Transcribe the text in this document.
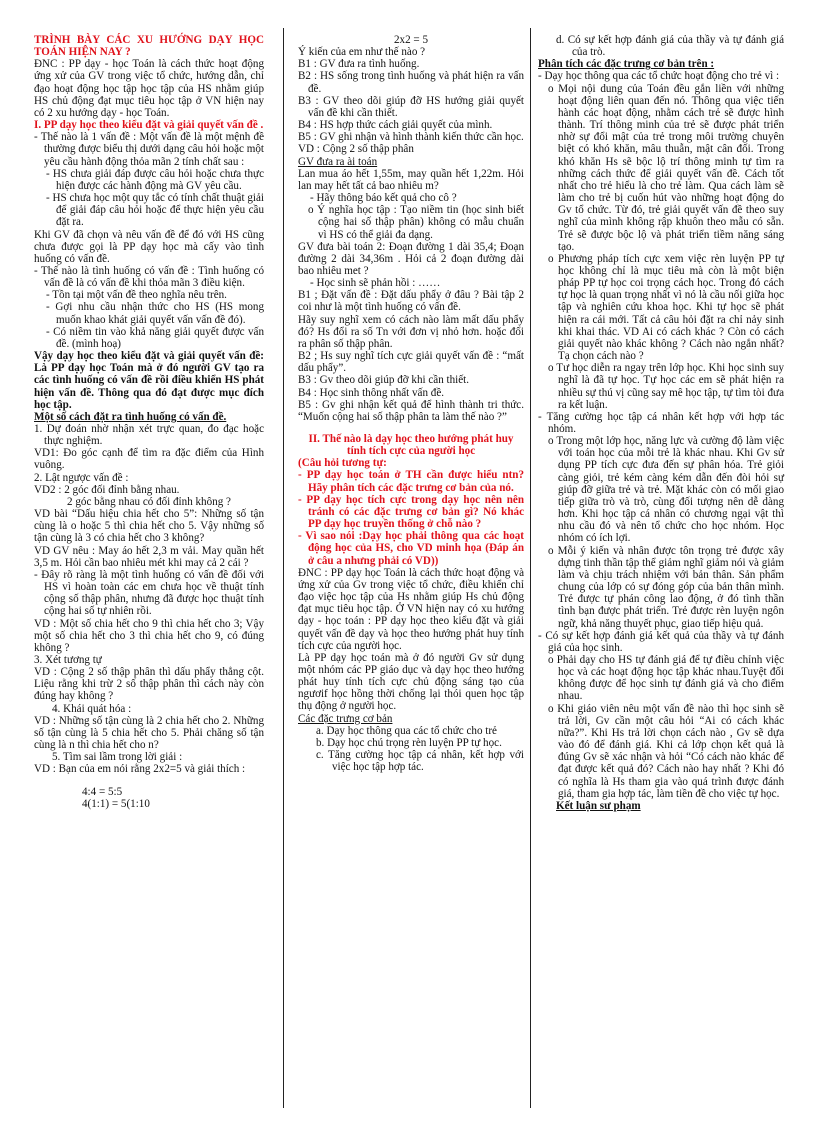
TRÌNH BÀY CÁC XU HƯỚNG DẠY HỌC TOÁN HIỆN NAY ?

ĐNC : PP dạy - học Toán là cách thức hoạt động ứng xử của GV trong việc tổ chức, hướng dẫn, chỉ đạo hoạt động học tập học tập của HS nhằm giúp HS chủ động đạt mục tiêu học tập ở VN hiện nay có 2 xu hướng dạy - học Toán.

I. PP dạy học theo kiểu đặt và giải quyết vấn đề .

- Thế nào là 1 vấn đề : Một vấn đề là một mệnh đề thường được biểu thị dưới dạng câu hỏi hoặc một yêu cầu hành động thỏa mãn 2 tính chất sau :

- HS chưa giải đáp được câu hỏi hoặc chưa thực hiện được các hành động mà GV yêu cầu.

- HS chưa học một quy tắc có tính chất thuật giải để giải đáp câu hỏi hoặc để thực hiện yêu cầu đặt ra.

Khi GV đã chọn và nêu vấn đề để đó với HS cũng chưa được gọi là PP dạy học mà cấy vào tình huống có vấn đề.

- Thế nào là tình huống có vấn đề : Tình huống có vấn đề là có vấn đề khi thỏa mãn 3 điều kiện.

- Tồn tại một vấn đề theo nghĩa nêu trên.

- Gợi nhu cầu nhận thức cho HS (HS mong muốn khao khát giải quyết vấn vấn đề đó).

- Có niềm tin vào khả năng giải quyết được vấn đề. (mình hoạ)

Vậy dạy học theo kiểu đặt và giải quyết vấn đề: Là PP dạy học Toán mà ở đó người GV tạo ra các tình huống có vấn đề rồi điều khiển HS phát hiện vấn đề. Thông qua đó đạt được mục đích học tập.

Một số cách đặt ra tình huống có vấn đề.

1. Dự đoán nhờ nhận xét trực quan, đo đạc hoặc thực nghiệm.

VD1: Đo góc cạnh để tìm ra đặc điểm của Hình vuông.

2. Lật ngược vấn đề :

VD2 : 2 góc đối đỉnh bằng nhau.

2 góc bằng nhau có đối đỉnh không ?

VD bài “Dấu hiệu chia hết cho 5”: Những số tận cùng là o hoặc 5 thì chia hết cho 5. Vậy những số tận cùng là 3 có chia hết cho 3 không?

VD GV nêu : May áo hết 2,3 m vải. May quần hết 3,5 m. Hỏi cần bao nhiêu mét khi may cả 2 cái ?

- Đây rõ ràng là một tình huống có vấn đề đối với HS vì hoàn toàn các em chưa học về thuật tính cộng số thập phân, nhưng đã được học thuật tính cộng hai số tự nhiên rồi.

VD : Một số chia hết cho 9 thì chia hết cho 3; Vậy một số chia hết cho 3 thì chia hết cho 9, có đúng không ?

3. Xét tương tự

VD : Cộng 2 số thập phân thì dấu phẩy thẳng cột. Liệu rằng khi trừ 2 số thập phân thì cách này còn đúng hay không ?

4. Khái quát hóa :

VD : Những số tận cùng là 2 chia hết cho 2. Những số tận cùng là 5 chia hết cho 5. Phải chăng số tận cùng là n thì chia hết cho n?

5. Tìm sai lầm trong lời giải :

VD : Bạn của em nói rằng 2x2=5 và giải thích :

4:4 = 5:5

4(1:1) = 5(1:10

2x2 = 5

Ý kiến của em như thế nào ?

B1 : GV đưa ra tình huống.

B2 : HS sống trong tình huống và phát hiện ra vấn đề.

B3 : GV theo dõi giúp đỡ HS hướng giải quyết vấn đề khi cần thiết.

B4 : HS hợp thức cách giải quyết của mình.

B5 : GV ghi nhận và hình thành kiến thức cần học.

VD : Cộng 2 số thập phân

GV đưa ra ài toán

Lan mua áo hết 1,55m, may quần hết 1,22m. Hỏi lan may hết tất cả bao nhiêu m?

- Hãy thông báo kết quả cho cô ?

o Ý nghĩa học tập : Tạo niềm tin (học sinh biết cộng hai số thập phân) không có mẫu chuẩn vì HS có thể giải đa dạng.

GV đưa bài toán 2: Đoạn đường 1 dài 35,4; Đoạn đường 2 dài 34,36m . Hỏi cả 2 đoạn đường dài bao nhiêu met ?

- Học sinh sẽ phản hồi : ……

B1 ; Đặt vấn đề : Đặt dấu phẩy ở đâu ? Bài tập 2 coi như là một tình huống có vấn đề.

Hãy suy nghĩ xem có cách nào làm mất dấu phẩy đó? Hs đổi ra số Tn với đơn vị nhỏ hơn. hoặc đổi ra phân số thập phân.

B2 ; Hs suy nghĩ tích cực giải quyết vấn đề : “mất dấu phẩy”.

B3 : Gv theo dõi giúp đỡ khi cần thiết.

B4 : Học sinh thông nhất vấn đề.

B5 : Gv ghi nhận kết quả để hình thành tri thức. “Muốn cộng hai số thập phân ta làm thế nào ?”

II. Thế nào là dạy học theo hướng phát huy tính tích cực của người học

(Câu hỏi tương tự:

- PP dạy học toán ở TH cần được hiểu ntn? Hãy phân tích các đặc trưng cơ bản của nó.

- PP dạy học tích cực trong dạy học nên nên tránh có các đặc trưng cơ bản gì? Nó khác PP dạy học truyền thống ở chỗ nào ?

- Vì sao nói :Dạy học phải thông qua các hoạt động học của HS, cho VD minh họa (Đáp án ở câu a nhưng phải có VD))

ĐNC : PP dạy học Toán là cách thức hoạt động và ứng xử của Gv trong việc tổ chức, điều khiển chỉ đạo việc học tập của Hs nhằm giúp Hs chủ động đạt mục tiêu học tập. Ở VN hiện nay có xu hướng dạy - học toán : PP dạy học theo kiểu đặt và giải quyết vấn đề dạy và học theo hướng phát huy tính tích cực của người học.

Là PP dạy học toán mà ở đó người Gv sử dụng một nhóm các PP giáo dục và dạy học theo hướng phát huy tính tích cực chủ động sáng tạo của ngươif học hồng thời chống lại thói quen học tập thụ động ở người học.

Các đặc trưng cơ bản

a. Dạy học thông qua các tổ chức cho trẻ

b. Dạy học chú trọng rèn luyện PP tự học.

c. Tăng cường học tập cá nhân, kết hợp với việc học tập hợp tác.

d. Có sự kết hợp đánh giá của thầy và tự đánh giá của trò.

Phân tích các đặc trưng cơ bản trên :

- Dạy học thông qua các tổ chức hoạt động cho trẻ vì :

o Mọi nội dung của Toán đều gắn liền với những hoạt động liên quan đến nó. Thông qua việc tiến hành các hoạt động, nhằm cách trẻ sẽ được hình thành. Trí thông minh của trẻ sẽ được phát triển nhờ sự đổi mật của trẻ trong môi trường chuyên biệt có khó khăn, mâu thuẫn, mật cân đối. Trong khó khăn Hs sẽ bộc lộ trí thông minh tự tìm ra những cách thức để giải quyết vấn đề. Cách tốt nhất cho trẻ hiểu là cho trẻ làm. Qua cách làm sẽ làm cho trẻ bị cuốn hút vào những hoạt động do Gv tổ chức. Từ đó, trẻ giải quyết vấn đề theo suy nghĩ của mình không rập khuôn theo mẫu có sẵn. Trẻ sẽ được bộc lộ và phát triển tiềm năng sáng tạo.

o Phương pháp tích cực xem việc rèn luyện PP tự học không chỉ là mục tiêu mà còn là một biện pháp PP tự học coi trọng cách học. Trong đó cách tự học là quan trọng nhất vì nó là cầu nối giữa học tập và nghiên cứu khoa học. Khi tự học sẽ phát hiện ra cái mới. Tất cả câu hỏi đặt ra chỉ nảy sinh khi khai thác. VD Ai có cách khác ? Còn có cách giải quyết nào khác không ? Cách nào ngắn nhất? Tạ chọn cách nào ?

o Tư học diễn ra ngay trên lớp học. Khi học sinh suy nghĩ là đã tự học. Tự học các em sẽ phát hiện ra nhiều sự thú vị cũng say mê học tập, tự tìm tòi đưa ra kết luận.

- Tăng cường học tập cá nhân kết hợp với hợp tác nhóm.

o Trong một lớp học, năng lực và cường độ làm việc với toán học của mỗi trẻ là khác nhau. Khi Gv sử dụng PP tích cực đưa đến sự phân hóa. Trẻ giỏi càng giỏi, trẻ kém càng kém dẫn đến đòi hỏi sự giúp đỡ giữa trẻ và trẻ. Mặt khác còn có mối giao tiếp giữa trò và trò, cùng đối tượng nên dễ dàng hơn. Khi học tập cá nhân có chương ngại vật thì nhu cầu đó và nên tổ chức cho học nhóm. Học nhóm có ích lợi.

o Mỗi ý kiến và nhân được tôn trọng trẻ được xây dựng tinh thần tập thể giảm nghĩ giảm nói và giảm làm và chịu trách nhiệm với bản thân. Sản phẩm chung của lớp có sự đóng góp của bản thân mình. Trẻ được tự phán công lao động, ở đó tình thần tình bạn được phát triển. Trẻ được rèn luyện ngôn ngữ, khả năng thuyết phục, giao tiếp hiệu quả.

- Có sự kết hợp đánh giá kết quả của thầy và tự đánh giá của học sinh.

o Phải dạy cho HS tự đánh giá để tự điều chỉnh việc học và các hoạt động học tập khác nhau.Tuyệt đối không được để học sinh tự đánh giá và cho điểm nhau.

o Khi giáo viên nêu một vấn đề nào thì học sinh sẽ trả lời, Gv cần một câu hỏi “Ai có cách khác nữa?”. Khi Hs trả lời chọn cách nào , Gv sẽ dựa vào đó để đánh giá. Khi cả lớp chọn kết quả là đúng Gv sẽ xác nhận và hỏi “Có cách nào khác để đạt được kết quả đó? Cách nào hay nhất ? Khi đó có nghĩa là Hs tham gia vào quá trình được đánh giá, tham gia hợp tác, làm tiền đề cho việc tự học.

Kết luận sư phạm
